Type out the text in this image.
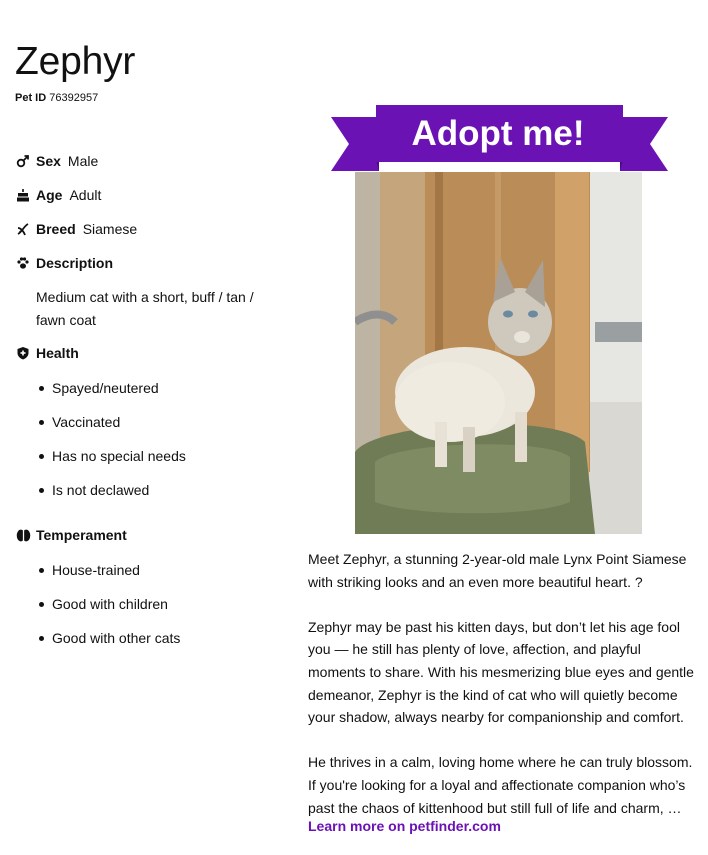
Zephyr
Pet ID 76392957
Sex Male
Age Adult
Breed Siamese
Description
Medium cat with a short, buff / tan / fawn coat
Health
Spayed/neutered
Vaccinated
Has no special needs
Is not declawed
Temperament
House-trained
Good with children
Good with other cats
Adopt me!

Meet Zephyr, a stunning 2-year-old male Lynx Point Siamese with striking looks and an even more beautiful heart. ?

Zephyr may be past his kitten days, but don’t let his age fool you — he still has plenty of love, affection, and playful moments to share. With his mesmerizing blue eyes and gentle demeanor, Zephyr is the kind of cat who will quietly become your shadow, always nearby for companionship and comfort.

He thrives in a calm, loving home where he can truly blossom. If you're looking for a loyal and affectionate companion who’s past the chaos of kittenhood but still full of life and charm, …

Learn more on petfinder.com
